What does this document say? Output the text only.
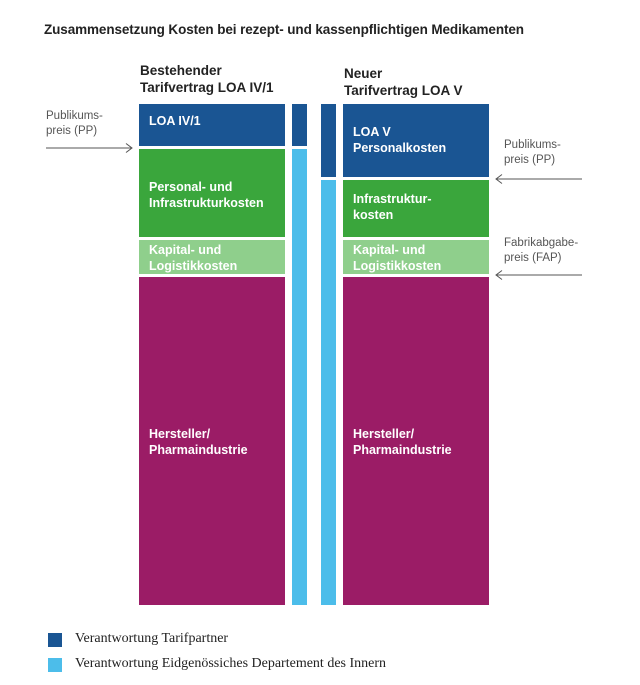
Zusammensetzung Kosten bei rezept- und kassenpflichtigen Medikamenten
Bestehender
Tarifvertrag LOA IV/1
Neuer
Tarifvertrag LOA V
LOA IV/1
Personal- und
Infrastrukturkosten
Kapital- und
Logistikkosten
Hersteller/
Pharmaindustrie
LOA V
Personalkosten
Infrastruktur-
kosten
Kapital- und
Logistikkosten
Hersteller/
Pharmaindustrie
Publikums-
preis (PP)
Publikums-
preis (PP)
Fabrikabgabe-
preis (FAP)
Verantwortung Tarifpartner
Verantwortung Eidgenössiches Departement des Innern
